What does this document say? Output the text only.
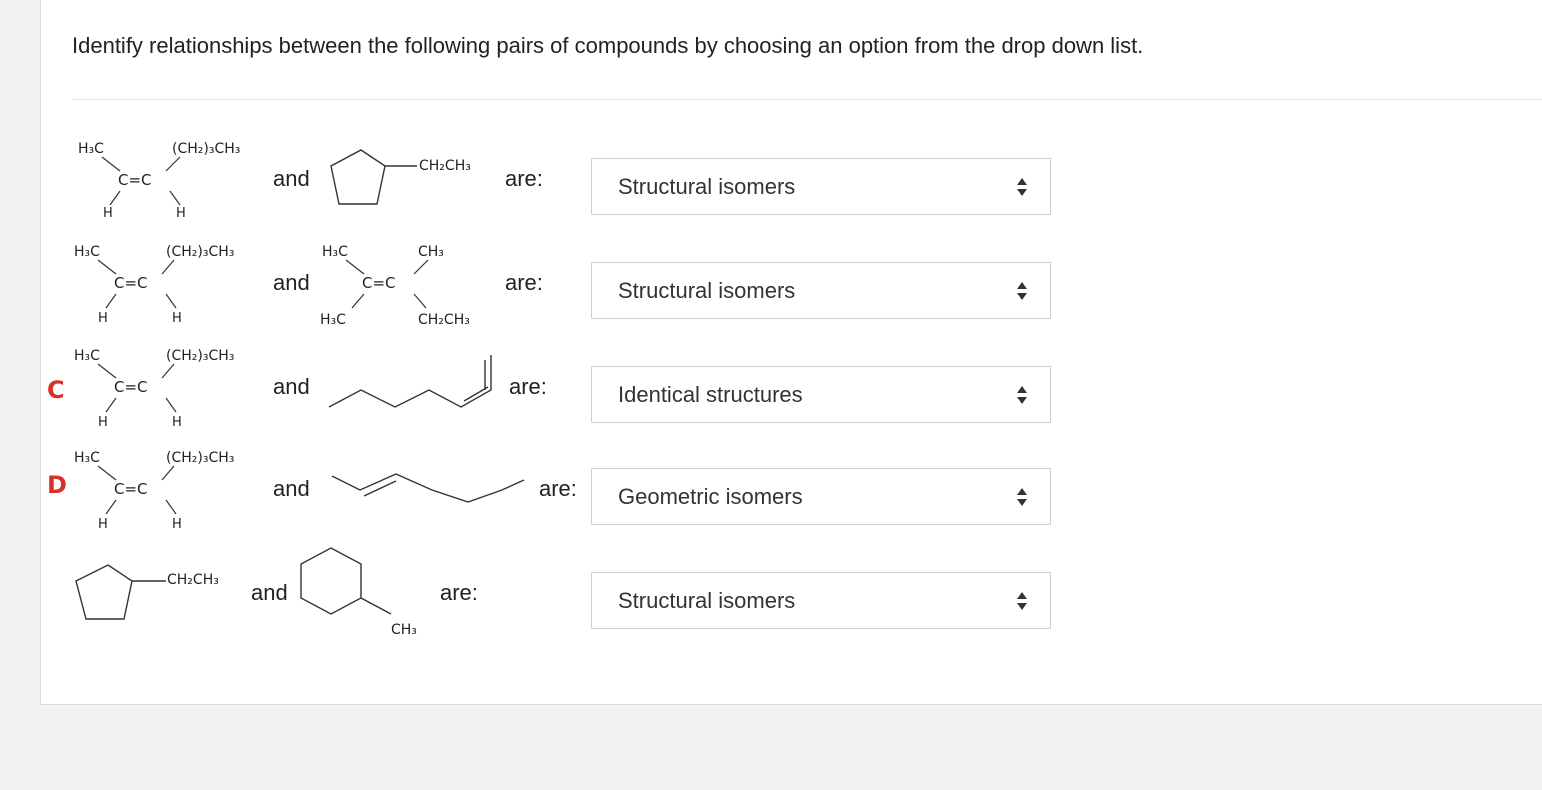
Identify relationships between the following pairs of compounds by choosing an option from the drop down list.
H₃C	(CH₂)₃CH₃
C=C
H	H
and	CH₂CH₃ are:	Structural isomers
H₃C	(CH₂)₃CH₃
C=C
H	H
and
H₃C	CH₃
C=C
H₃C	CH₂CH₃
are:	Structural isomers
C
H₃C	(CH₂)₃CH₃
C=C
H	H
and	are:	Identical structures
D
H₃C	(CH₂)₃CH₃
C=C
H	H
and	are: Geometric isomers
CH₂CH₃ and
CH₃
are:	Structural isomers
